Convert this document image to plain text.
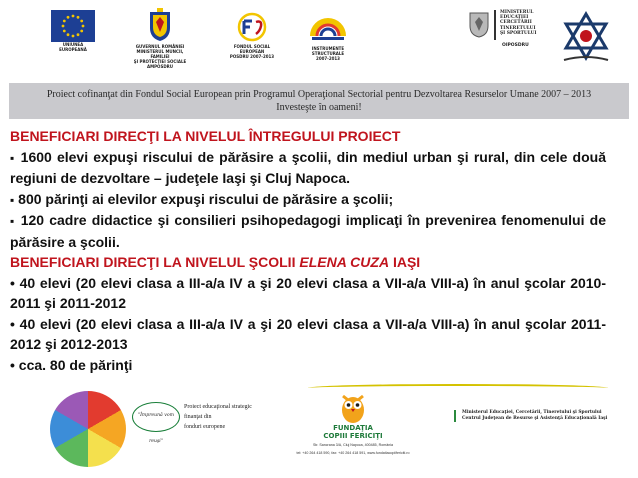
UNIUNEA EUROPEANĂ
GUVERNUL ROMÂNIEI
MINISTERUL MUNCII, FAMILIEI
ŞI PROTECŢIEI SOCIALE
AMPOSDRU
FONDUL SOCIAL EUROPEAN
POSDRU 2007-2013
INSTRUMENTE STRUCTURALE
2007-2013
MINISTERUL
EDUCAŢIEI
CERCETĂRII
TINERETULUI
ŞI SPORTULUI
OIPOSDRU
Proiect cofinanţat din Fondul Social European prin Programul Operaţional Sectorial pentru Dezvoltarea Resurselor Umane 2007 – 2013
Investeşte în oameni!

BENEFICIARI DIRECŢI LA NIVELUL ÎNTREGULUI PROIECT

▪ 1600 elevi expuşi riscului de părăsire a şcolii, din mediul urban şi rural, din cele două regiuni de dezvoltare – judeţele Iaşi şi Cluj Napoca.

▪ 800 părinţi ai elevilor expuşi riscului de părăsire a şcolii;

▪ 120 cadre didactice şi consilieri psihopedagogi implicaţi în prevenirea fenomenului de părăsire a şcolii.

BENEFICIARI DIRECŢI LA NIVELUL ŞCOLII ELENA CUZA IAŞI

• 40 elevi (20 elevi clasa a III-a/a IV a şi 20 elevi clasa a VII-a/a VIII-a) în anul şcolar 2010-2011 şi 2011-2012

• 40 elevi (20 elevi clasa a III-a/a IV a şi 20 elevi clasa a VII-a/a VIII-a) în anul şcolar 2011-2012 şi 2012-2013

• cca. 80 de părinţi

"Împreună vom reuşi"
Proiect educaţional strategic finanţat din
fonduri europene	FUNDAŢIA
COPIII FERICIŢI
Str. Sancrana 3/A, Cluj Napoca, 400485, România
tel: +40 264 418 590, fax: +40 264 418 591, www.fundatiacopiifericiti.ro
Ministerul Educaţiei, Cercetării, Tineretului şi Sportului
Centrul Judeţean de Resurse şi Asistenţă Educaţională Iaşi
